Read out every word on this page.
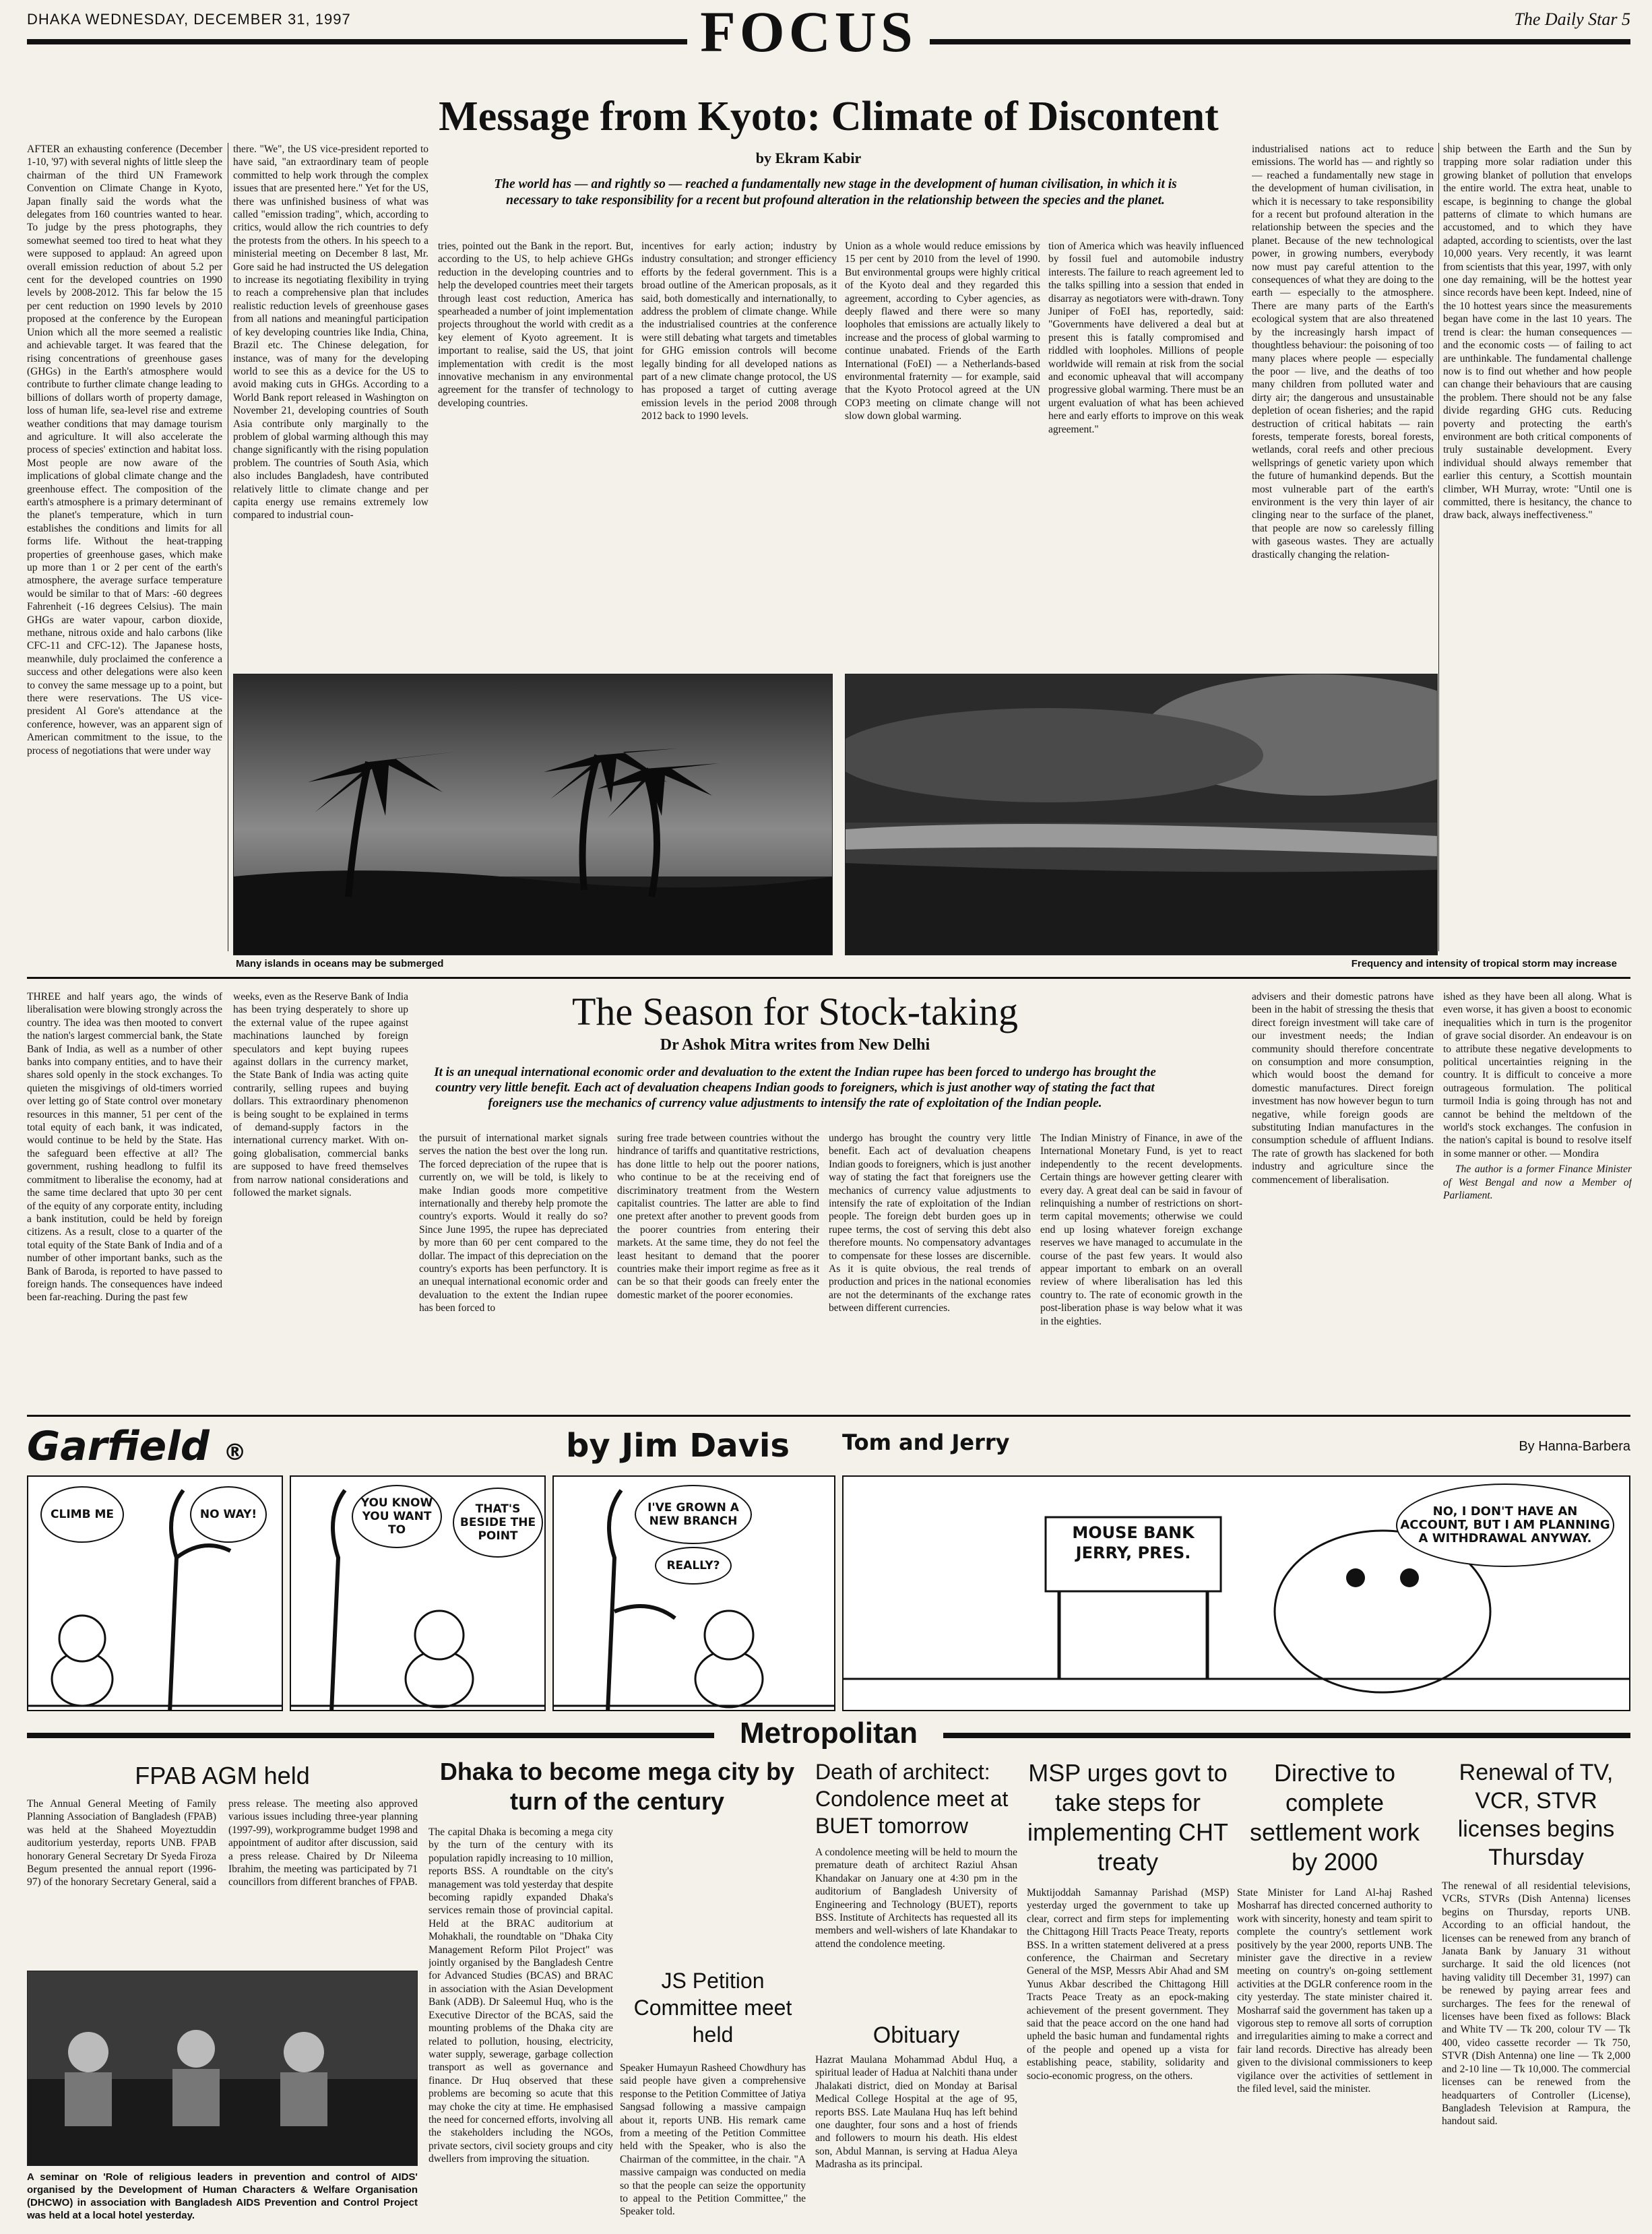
DHAKA WEDNESDAY, DECEMBER 31, 1997	FOCUS	The Daily Star 5
Message from Kyoto: Climate of Discontent
by Ekram Kabir
The world has — and rightly so — reached a fundamentally new stage in the development of human civilisation, in which it is necessary to take responsibility for a recent but profound alteration in the relationship between the species and the planet.

AFTER an exhausting conference (December 1-10, '97) with several nights of little sleep the chairman of the third UN Framework Convention on Climate Change in Kyoto, Japan finally said the words what the delegates from 160 countries wanted to hear. To judge by the press photographs, they somewhat seemed too tired to heat what they were supposed to applaud: An agreed upon overall emission reduction of about 5.2 per cent for the developed countries on 1990 levels by 2008-2012. This far below the 15 per cent reduction on 1990 levels by 2010 proposed at the conference by the European Union which all the more seemed a realistic and achievable target. It was feared that the rising concentrations of greenhouse gases (GHGs) in the Earth's atmosphere would contribute to further climate change leading to billions of dollars worth of property damage, loss of human life, sea-level rise and extreme weather conditions that may damage tourism and agriculture. It will also accelerate the process of species' extinction and habitat loss. Most people are now aware of the implications of global climate change and the greenhouse effect. The composition of the earth's atmosphere is a primary determinant of the planet's temperature, which in turn establishes the conditions and limits for all forms life. Without the heat-trapping properties of greenhouse gases, which make up more than 1 or 2 per cent of the earth's atmosphere, the average surface temperature would be similar to that of Mars: -60 degrees Fahrenheit (-16 degrees Celsius). The main GHGs are water vapour, carbon dioxide, methane, nitrous oxide and halo carbons (like CFC-11 and CFC-12). The Japanese hosts, meanwhile, duly proclaimed the conference a success and other delegations were also keen to convey the same message up to a point, but there were reservations. The US vice-president Al Gore's attendance at the conference, however, was an apparent sign of American commitment to the issue, to the process of negotiations that were under way

there. "We", the US vice-president reported to have said, "an extraordinary team of people committed to help work through the complex issues that are presented here." Yet for the US, there was unfinished business of what was called "emission trading", which, according to critics, would allow the rich countries to defy the protests from the others. In his speech to a ministerial meeting on December 8 last, Mr. Gore said he had instructed the US delegation to increase its negotiating flexibility in trying to reach a comprehensive plan that includes realistic reduction levels of greenhouse gases from all nations and meaningful participation of key developing countries like India, China, Brazil etc. The Chinese delegation, for instance, was of many for the developing world to see this as a device for the US to avoid making cuts in GHGs. According to a World Bank report released in Washington on November 21, developing countries of South Asia contribute only marginally to the problem of global warming although this may change significantly with the rising population problem. The countries of South Asia, which also includes Bangladesh, have contributed relatively little to climate change and per capita energy use remains extremely low compared to industrial coun-

tries, pointed out the Bank in the report. But, according to the US, to help achieve GHGs reduction in the developing countries and to help the developed countries meet their targets through least cost reduction, America has spearheaded a number of joint implementation projects throughout the world with credit as a key element of Kyoto agreement. It is important to realise, said the US, that joint implementation with credit is the most innovative mechanism in any environmental agreement for the transfer of technology to developing countries.

incentives for early action; industry by industry consultation; and stronger efficiency efforts by the federal government. This is a broad outline of the American proposals, as it said, both domestically and internationally, to address the problem of climate change. While the industrialised countries at the conference were still debating what targets and timetables for GHG emission controls will become legally binding for all developed nations as part of a new climate change protocol, the US has proposed a target of cutting average emission levels in the period 2008 through 2012 back to 1990 levels.

Union as a whole would reduce emissions by 15 per cent by 2010 from the level of 1990. But environmental groups were highly critical of the Kyoto deal and they regarded this agreement, according to Cyber agencies, as deeply flawed and there were so many loopholes that emissions are actually likely to increase and the process of global warming to continue unabated. Friends of the Earth International (FoEI) — a Netherlands-based environmental fraternity — for example, said that the Kyoto Protocol agreed at the UN COP3 meeting on climate change will not slow down global warming.

tion of America which was heavily influenced by fossil fuel and automobile industry interests. The failure to reach agreement led to the talks spilling into a session that ended in disarray as negotiators were with-drawn. Tony Juniper of FoEI has, reportedly, said: "Governments have delivered a deal but at present this is fatally compromised and riddled with loopholes. Millions of people worldwide will remain at risk from the social and economic upheaval that will accompany progressive global warming. There must be an urgent evaluation of what has been achieved here and early efforts to improve on this weak agreement."

industrialised nations act to reduce emissions. The world has — and rightly so — reached a fundamentally new stage in the development of human civilisation, in which it is necessary to take responsibility for a recent but profound alteration in the relationship between the species and the planet. Because of the new technological power, in growing numbers, everybody now must pay careful attention to the consequences of what they are doing to the earth — especially to the atmosphere. There are many parts of the Earth's ecological system that are also threatened by the increasingly harsh impact of thoughtless behaviour: the poisoning of too many places where people — especially the poor — live, and the deaths of too many children from polluted water and dirty air; the dangerous and unsustainable depletion of ocean fisheries; and the rapid destruction of critical habitats — rain forests, temperate forests, boreal forests, wetlands, coral reefs and other precious wellsprings of genetic variety upon which the future of humankind depends. But the most vulnerable part of the earth's environment is the very thin layer of air clinging near to the surface of the planet, that people are now so carelessly filling with gaseous wastes. They are actually drastically changing the relation-

ship between the Earth and the Sun by trapping more solar radiation under this growing blanket of pollution that envelops the entire world. The extra heat, unable to escape, is beginning to change the global patterns of climate to which humans are accustomed, and to which they have adapted, according to scientists, over the last 10,000 years. Very recently, it was learnt from scientists that this year, 1997, with only one day remaining, will be the hottest year since records have been kept. Indeed, nine of the 10 hottest years since the measurements began have come in the last 10 years. The trend is clear: the human consequences — and the economic costs — of failing to act are unthinkable. The fundamental challenge now is to find out whether and how people can change their behaviours that are causing the problem. There should not be any false divide regarding GHG cuts. Reducing poverty and protecting the earth's environment are both critical components of truly sustainable development. Every individual should always remember that earlier this century, a Scottish mountain climber, WH Murray, wrote: "Until one is committed, there is hesitancy, the chance to draw back, always ineffectiveness."

Many islands in oceans may be submerged	Frequency and intensity of tropical storm may increase
The Season for Stock-taking
Dr Ashok Mitra writes from New Delhi
It is an unequal international economic order and devaluation to the extent the Indian rupee has been forced to undergo has brought the country very little benefit. Each act of devaluation cheapens Indian goods to foreigners, which is just another way of stating the fact that foreigners use the mechanics of currency value adjustments to intensify the rate of exploitation of the Indian people.

THREE and half years ago, the winds of liberalisation were blowing strongly across the country. The idea was then mooted to convert the nation's largest commercial bank, the State Bank of India, as well as a number of other banks into company entities, and to have their shares sold openly in the stock exchanges. To quieten the misgivings of old-timers worried over letting go of State control over monetary resources in this manner, 51 per cent of the total equity of each bank, it was indicated, would continue to be held by the State. Has the safeguard been effective at all? The government, rushing headlong to fulfil its commitment to liberalise the economy, had at the same time declared that upto 30 per cent of the equity of any corporate entity, including a bank institution, could be held by foreign citizens. As a result, close to a quarter of the total equity of the State Bank of India and of a number of other important banks, such as the Bank of Baroda, is reported to have passed to foreign hands. The consequences have indeed been far-reaching. During the past few

weeks, even as the Reserve Bank of India has been trying desperately to shore up the external value of the rupee against machinations launched by foreign speculators and kept buying rupees against dollars in the currency market, the State Bank of India was acting quite contrarily, selling rupees and buying dollars. This extraordinary phenomenon is being sought to be explained in terms of demand-supply factors in the international currency market. With on-going globalisation, commercial banks are supposed to have freed themselves from narrow national considerations and followed the market signals.

the pursuit of international market signals serves the nation the best over the long run. The forced depreciation of the rupee that is currently on, we will be told, is likely to make Indian goods more competitive internationally and thereby help promote the country's exports. Would it really do so? Since June 1995, the rupee has depreciated by more than 60 per cent compared to the dollar. The impact of this depreciation on the country's exports has been perfunctory. It is an unequal international economic order and devaluation to the extent the Indian rupee has been forced to

suring free trade between countries without the hindrance of tariffs and quantitative restrictions, has done little to help out the poorer nations, who continue to be at the receiving end of discriminatory treatment from the Western capitalist countries. The latter are able to find one pretext after another to prevent goods from the poorer countries from entering their markets. At the same time, they do not feel the least hesitant to demand that the poorer countries make their import regime as free as it can be so that their goods can freely enter the domestic market of the poorer economies.

undergo has brought the country very little benefit. Each act of devaluation cheapens Indian goods to foreigners, which is just another way of stating the fact that foreigners use the mechanics of currency value adjustments to intensify the rate of exploitation of the Indian people. The foreign debt burden goes up in rupee terms, the cost of serving this debt also therefore mounts. No compensatory advantages to compensate for these losses are discernible. As it is quite obvious, the real trends of production and prices in the national economies are not the determinants of the exchange rates between different currencies.

The Indian Ministry of Finance, in awe of the International Monetary Fund, is yet to react independently to the recent developments. Certain things are however getting clearer with every day. A great deal can be said in favour of relinquishing a number of restrictions on short-term capital movements; otherwise we could end up losing whatever foreign exchange reserves we have managed to accumulate in the course of the past few years. It would also appear important to embark on an overall review of where liberalisation has led this country to. The rate of economic growth in the post-liberation phase is way below what it was in the eighties.

advisers and their domestic patrons have been in the habit of stressing the thesis that direct foreign investment will take care of our investment needs; the Indian community should therefore concentrate on consumption and more consumption, which would boost the demand for domestic manufactures. Direct foreign investment has now however begun to turn negative, while foreign goods are substituting Indian manufactures in the consumption schedule of affluent Indians. The rate of growth has slackened for both industry and agriculture since the commencement of liberalisation.

ished as they have been all along. What is even worse, it has given a boost to economic inequalities which in turn is the progenitor of grave social disorder. An endeavour is on to attribute these negative developments to political uncertainties reigning in the country. It is difficult to conceive a more outrageous formulation. The political turmoil India is going through has not and cannot be behind the meltdown of the world's stock exchanges. The confusion in the nation's capital is bound to resolve itself in some manner or other. — Mondira

The author is a former Finance Minister of West Bengal and now a Member of Parliament.

Garfield ®	by Jim Davis Tom and Jerry	By Hanna-Barbera
CLIMB ME	NO WAY!
YOU KNOW YOU WANT TO
THAT'S BESIDE THE POINT
I'VE GROWN A NEW BRANCH
REALLY?
MOUSE BANK JERRY, PRES.
NO, I DON'T HAVE AN ACCOUNT, BUT I AM PLANNING A WITHDRAWAL ANYWAY.
Metropolitan
FPAB AGM held

The Annual General Meeting of Family Planning Association of Bangladesh (FPAB) was held at the Shaheed Moyeztuddin auditorium yesterday, reports UNB. FPAB honorary General Secretary Dr Syeda Firoza Begum presented the annual report (1996-97) of the honorary Secretary General, said a press release. The meeting also approved various issues including three-year planning (1997-99), workprogramme budget 1998 and appointment of auditor after discussion, said a press release. Chaired by Dr Nileema Ibrahim, the meeting was participated by 71 councillors from different branches of FPAB.

A seminar on 'Role of religious leaders in prevention and control of AIDS' organised by the Development of Human Characters & Welfare Organisation (DHCWO) in association with Bangladesh AIDS Prevention and Control Project was held at a local hotel yesterday.
Dhaka to become mega city by turn of the century

The capital Dhaka is becoming a mega city by the turn of the century with its population rapidly increasing to 10 million, reports BSS. A roundtable on the city's management was told yesterday that despite becoming rapidly expanded Dhaka's services remain those of provincial capital. Held at the BRAC auditorium at Mohakhali, the roundtable on "Dhaka City Management Reform Pilot Project" was jointly organised by the Bangladesh Centre for Advanced Studies (BCAS) and BRAC in association with the Asian Development Bank (ADB). Dr Saleemul Huq, who is the Executive Director of the BCAS, said the mounting problems of the Dhaka city are related to pollution, housing, electricity, water supply, sewerage, garbage collection transport as well as governance and finance. Dr Huq observed that these problems are becoming so acute that this may choke the city at time. He emphasised the need for concerned efforts, involving all the stakeholders including the NGOs, private sectors, civil society groups and city dwellers from improving the situation.

JS Petition Committee meet held

Speaker Humayun Rasheed Chowdhury has said people have given a comprehensive response to the Petition Committee of Jatiya Sangsad following a massive campaign about it, reports UNB. His remark came from a meeting of the Petition Committee held with the Speaker, who is also the Chairman of the committee, in the chair. "A massive campaign was conducted on media so that the people can seize the opportunity to appeal to the Petition Committee," the Speaker told.

Death of architect: Condolence meet at BUET tomorrow

A condolence meeting will be held to mourn the premature death of architect Raziul Ahsan Khandakar on January one at 4:30 pm in the auditorium of Bangladesh University of Engineering and Technology (BUET), reports BSS. Institute of Architects has requested all its members and well-wishers of late Khandakar to attend the condolence meeting.

Obituary

Hazrat Maulana Mohammad Abdul Huq, a spiritual leader of Hadua at Nalchiti thana under Jhalakati district, died on Monday at Barisal Medical College Hospital at the age of 95, reports BSS. Late Maulana Huq has left behind one daughter, four sons and a host of friends and followers to mourn his death. His eldest son, Abdul Mannan, is serving at Hadua Aleya Madrasha as its principal.

MSP urges govt to take steps for implementing CHT treaty

Muktijoddah Samannay Parishad (MSP) yesterday urged the government to take up clear, correct and firm steps for implementing the Chittagong Hill Tracts Peace Treaty, reports BSS. In a written statement delivered at a press conference, the Chairman and Secretary General of the MSP, Messrs Abir Ahad and SM Yunus Akbar described the Chittagong Hill Tracts Peace Treaty as an epock-making achievement of the present government. They said that the peace accord on the one hand had upheld the basic human and fundamental rights of the people and opened up a vista for establishing peace, stability, solidarity and socio-economic progress, on the others.

Directive to complete settlement work by 2000

State Minister for Land Al-haj Rashed Mosharraf has directed concerned authority to work with sincerity, honesty and team spirit to complete the country's settlement work positively by the year 2000, reports UNB. The minister gave the directive in a review meeting on country's on-going settlement activities at the DGLR conference room in the city yesterday. The state minister chaired it. Mosharraf said the government has taken up a vigorous step to remove all sorts of corruption and irregularities aiming to make a correct and fair land records. Directive has already been given to the divisional commissioners to keep vigilance over the activities of settlement in the filed level, said the minister.

Renewal of TV, VCR, STVR licenses begins Thursday

The renewal of all residential televisions, VCRs, STVRs (Dish Antenna) licenses begins on Thursday, reports UNB. According to an official handout, the licenses can be renewed from any branch of Janata Bank by January 31 without surcharge. It said the old licences (not having validity till December 31, 1997) can be renewed by paying arrear fees and surcharges. The fees for the renewal of licenses have been fixed as follows: Black and White TV — Tk 200, colour TV — Tk 400, video cassette recorder — Tk 750, STVR (Dish Antenna) one line — Tk 2,000 and 2-10 line — Tk 10,000. The commercial licenses can be renewed from the headquarters of Controller (License), Bangladesh Television at Rampura, the handout said.
